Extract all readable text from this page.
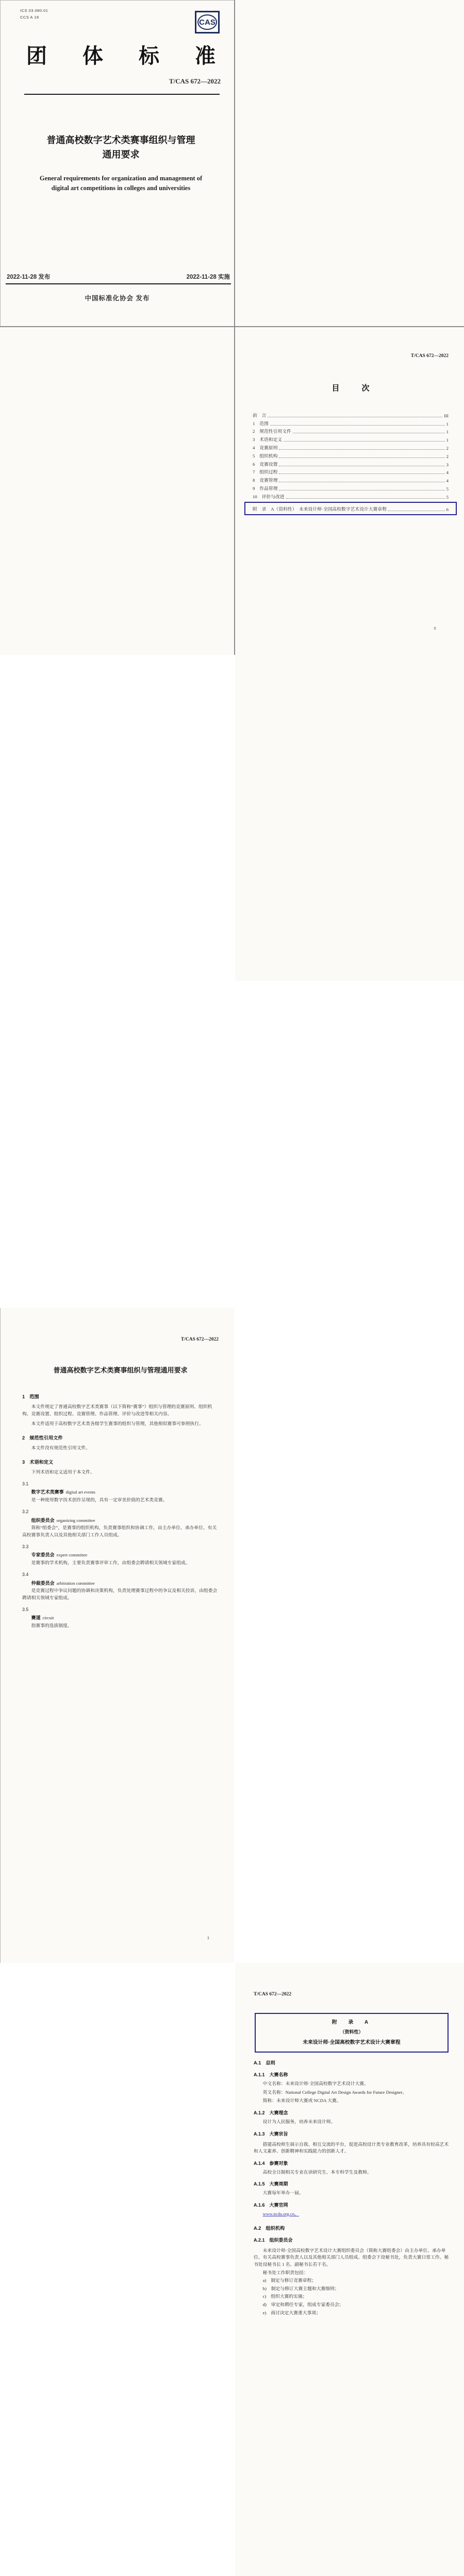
ICS 03.080.01
CCS A 18
CAS
团 体 标 准
T/CAS 672—2022
普通高校数字艺术类赛事组织与管理
通用要求
General requirements for organization and management of
digital art competitions in colleges and universities
2022-11-28 发布	2022-11-28 实施
中国标准化协会 发布
T/CAS 672—2022
目　次
前　言	III
1　范围	1
2　规范性引用文件	1
3　术语和定义	1
4　竞赛原则	2
5　组织机构	2
6　竞赛设置	3
7　组织过程	4
8　竞赛管理	4
9　作品管理	5
10　评价与改进	5
附　录　A（资料性）　未来设计师·全国高校数字艺术设计大赛章程	6
II
T/CAS 672—2022
普通高校数字艺术类赛事组织与管理通用要求
1　范围
本文件规定了普通高校数字艺术类赛事（以下简称“赛事”）组织与管理的竞赛原则、组织机构、竞赛设置、组织过程、竞赛管理、作品管理、评价与改进等相关内容。
本文件适用于高校数字艺术类各级学生赛事的组织与管理，其他相似赛事可参照执行。
2　规范性引用文件
本文件没有规范性引用文件。
3　术语和定义
下列术语和定义适用于本文件。
3.1
数字艺术类赛事 digital art events
是一种使用数字技术创作呈现的，具有一定审美价值的艺术类竞赛。
3.2
组织委员会 organizing committee
简称“组委会”，是赛事的组织机构，负责赛事组织和协调工作，由主办单位、承办单位、有关高校赛事负责人以及其他相关部门工作人员组成。
3.3
专家委员会 expert committee
是赛事的学术机构，主要负责赛事评审工作，由组委会聘请相关领域专家组成。
3.4
仲裁委员会 arbitration committee
是竞赛过程中争议问题的协调和决策机构，负责处理赛事过程中的争议及相关投诉，由组委会聘请相关领域专家组成。
3.5
赛道 circuit
指赛事的选拔制度。
1
T/CAS 672—2022
附　录　A
（资料性）
未来设计师·全国高校数字艺术设计大赛章程
A.1　总则
A.1.1　大赛名称
中文名称：未来设计师·全国高校数字艺术设计大赛。
英文名称：National College Digital Art Design Awards for Future Designer。
简称：未来设计师大赛或 NCDA 大赛。
A.1.2　大赛理念
设计为人民服务，培养未来设计师。
A.1.3　大赛宗旨
搭建高校师生展示自我、相互交流的平台，促进高校设计类专业教育改革，培养具有较高艺术和人文素养、创新精神和实践能力的创新人才。
A.1.4　参赛对象
高校全日制相关专业在读研究生、本专科学生及教师。
A.1.5　大赛周期
大赛每年举办一届。
A.1.6　大赛官网
www.ncda.org.cn。
A.2　组织机构
A.2.1　组织委员会
未来设计师·全国高校数字艺术设计大赛组织委员会（简称大赛组委会）由主办单位、承办单位、有关高校赛事负责人以及其他相关部门人员组成。组委会下设秘书处，负责大赛日常工作。秘书处设秘书长 1 名、副秘书长若干名。
秘书处工作职责包括：
a)　制定与修订竞赛章程；
b)　制定与修订大赛主题和大赛细则；
c)　组织大赛的实施；
d)　审定和聘任专家，组成专家委员会；
e)　商讨决定大赛重大事项；
